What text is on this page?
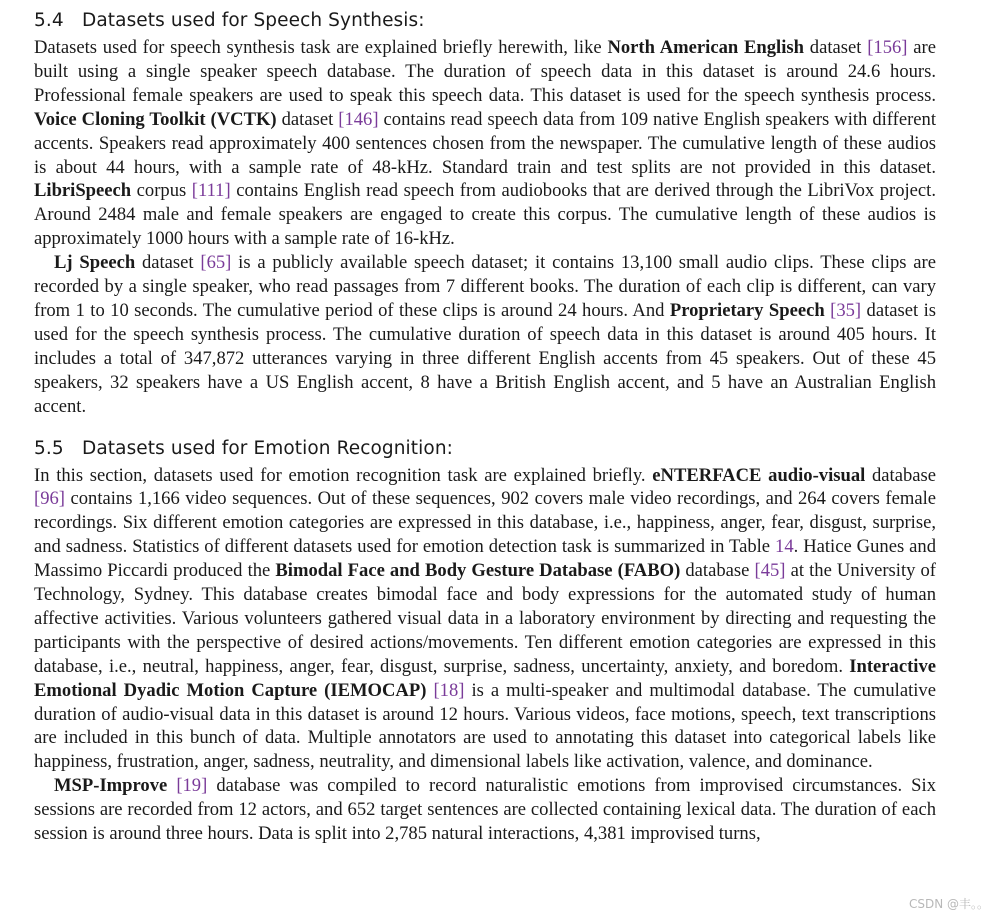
5.4 Datasets used for Speech Synthesis:

Datasets used for speech synthesis task are explained briefly herewith, like North American English dataset [156] are built using a single speaker speech database. The duration of speech data in this dataset is around 24.6 hours. Professional female speakers are used to speak this speech data. This dataset is used for the speech synthesis process. Voice Cloning Toolkit (VCTK) dataset [146] contains read speech data from 109 native English speakers with different accents. Speakers read approximately 400 sentences chosen from the newspaper. The cumulative length of these audios is about 44 hours, with a sample rate of 48-kHz. Standard train and test splits are not provided in this dataset. LibriSpeech corpus [111] contains English read speech from audiobooks that are derived through the LibriVox project. Around 2484 male and female speakers are engaged to create this corpus. The cumulative length of these audios is approximately 1000 hours with a sample rate of 16-kHz.

Lj Speech dataset [65] is a publicly available speech dataset; it contains 13,100 small audio clips. These clips are recorded by a single speaker, who read passages from 7 different books. The duration of each clip is different, can vary from 1 to 10 seconds. The cumulative period of these clips is around 24 hours. And Proprietary Speech [35] dataset is used for the speech synthesis process. The cumulative duration of speech data in this dataset is around 405 hours. It includes a total of 347,872 utterances varying in three different English accents from 45 speakers. Out of these 45 speakers, 32 speakers have a US English accent, 8 have a British English accent, and 5 have an Australian English accent.

5.5 Datasets used for Emotion Recognition:

In this section, datasets used for emotion recognition task are explained briefly. eNTERFACE audio-visual database [96] contains 1,166 video sequences. Out of these sequences, 902 covers male video recordings, and 264 covers female recordings. Six different emotion categories are expressed in this database, i.e., happiness, anger, fear, disgust, surprise, and sadness. Statistics of different datasets used for emotion detection task is summarized in Table 14. Hatice Gunes and Massimo Piccardi produced the Bimodal Face and Body Gesture Database (FABO) database [45] at the University of Technology, Sydney. This database creates bimodal face and body expressions for the automated study of human affective activities. Various volunteers gathered visual data in a laboratory environment by directing and requesting the participants with the perspective of desired actions/movements. Ten different emotion categories are expressed in this database, i.e., neutral, happiness, anger, fear, disgust, surprise, sadness, uncertainty, anxiety, and boredom. Interactive Emotional Dyadic Motion Capture (IEMOCAP) [18] is a multi-speaker and multimodal database. The cumulative duration of audio-visual data in this dataset is around 12 hours. Various videos, face motions, speech, text transcriptions are included in this bunch of data. Multiple annotators are used to annotating this dataset into categorical labels like happiness, frustration, anger, sadness, neutrality, and dimensional labels like activation, valence, and dominance.

MSP-Improve [19] database was compiled to record naturalistic emotions from improvised circumstances. Six sessions are recorded from 12 actors, and 652 target sentences are collected containing lexical data. The duration of each session is around three hours. Data is split into 2,785 natural interactions, 4,381 improvised turns,

CSDN @丰。。
